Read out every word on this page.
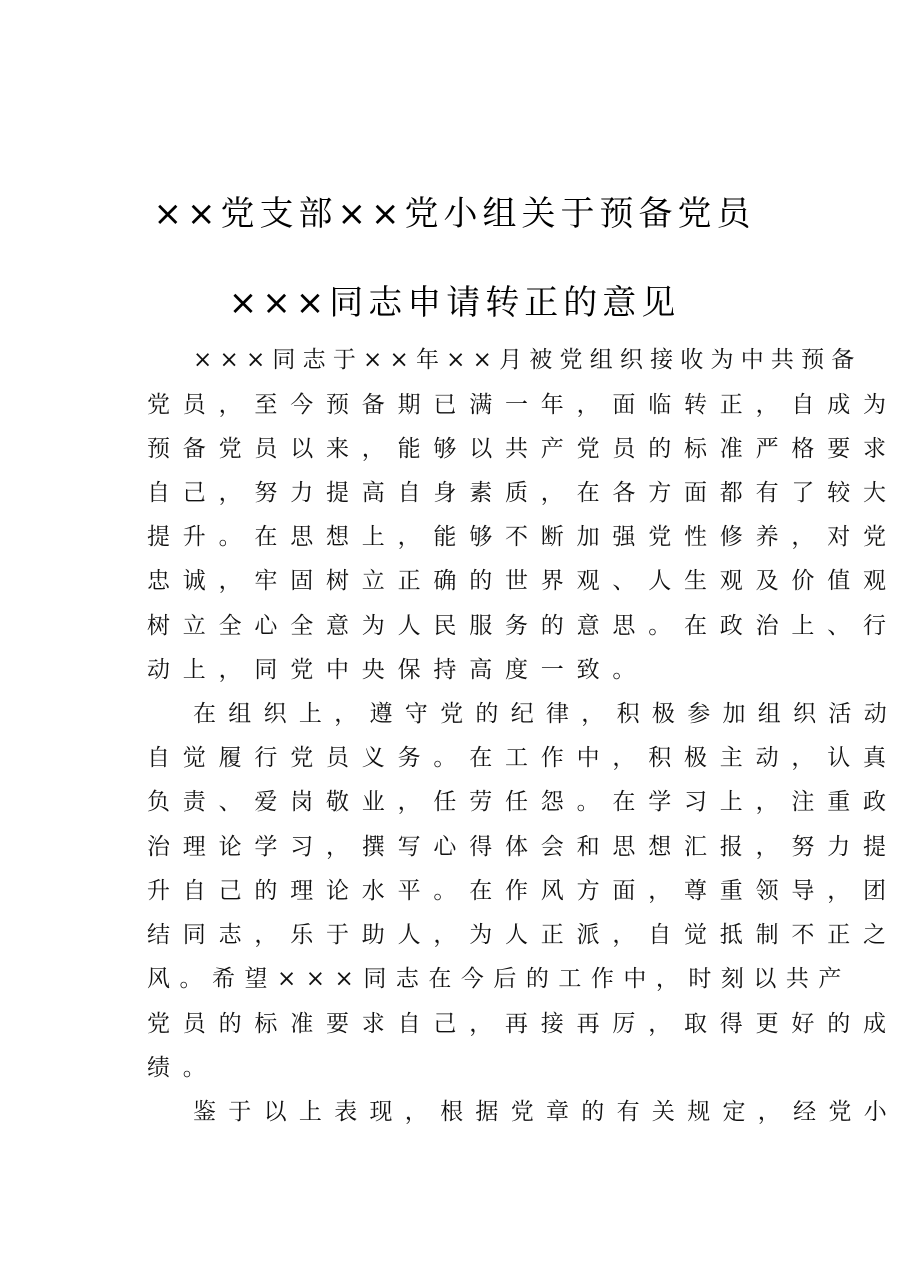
××党支部××党小组关于预备党员
×××同志申请转正的意见
×××同志于××年××月被党组织接收为中共预备
党员，至今预备期已满一年，面临转正，自成为
预备党员以来，能够以共产党员的标准严格要求
自己，努力提高自身素质，在各方面都有了较大
提升。在思想上，能够不断加强党性修养，对党
忠诚，牢固树立正确的世界观、人生观及价值观
树立全心全意为人民服务的意思。在政治上、行
动上，同党中央保持高度一致。
在组织上，遵守党的纪律，积极参加组织活动
自觉履行党员义务。在工作中，积极主动，认真
负责、爱岗敬业，任劳任怨。在学习上，注重政
治理论学习，撰写心得体会和思想汇报，努力提
升自己的理论水平。在作风方面，尊重领导，团
结同志，乐于助人，为人正派，自觉抵制不正之
风。希望×××同志在今后的工作中，时刻以共产
党员的标准要求自己，再接再厉，取得更好的成
绩。
鉴于以上表现，根据党章的有关规定，经党小
